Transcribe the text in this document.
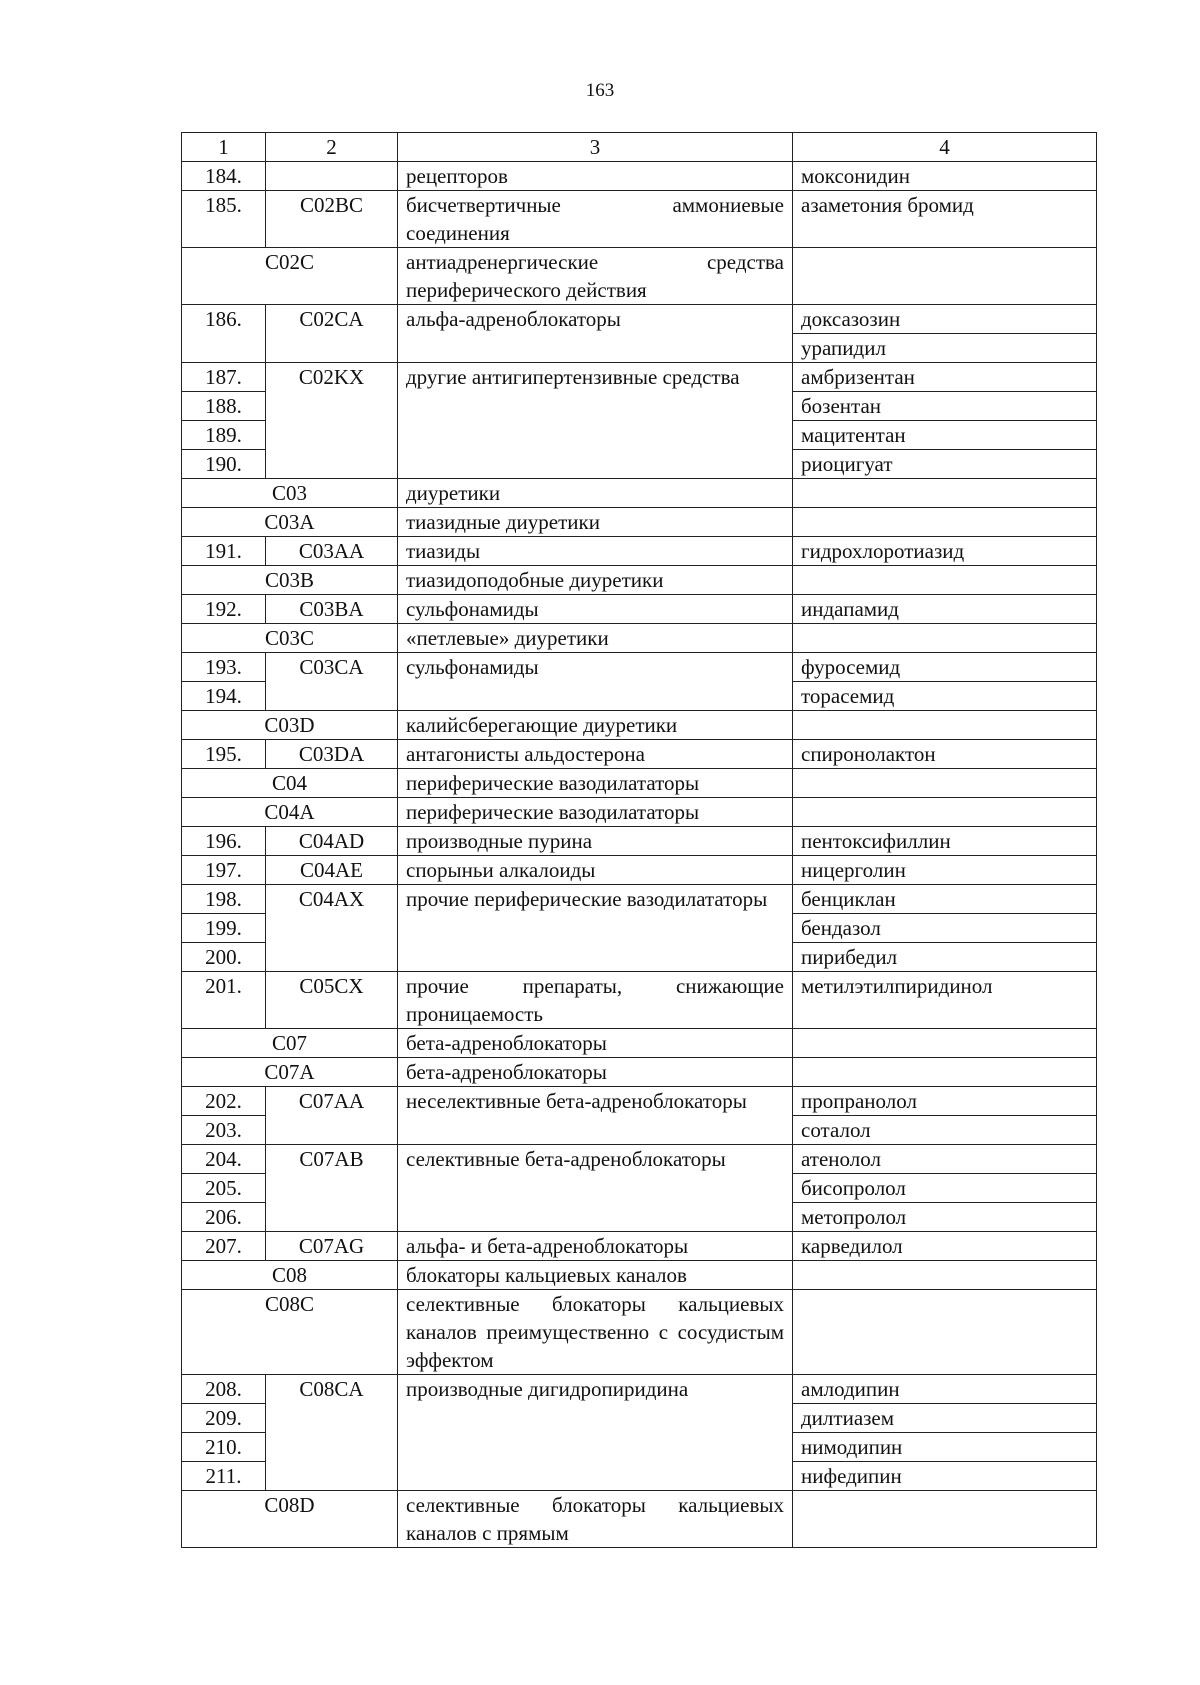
163
1	2	3	4
184.		рецепторов	моксонидин
185.	C02BC	бисчетвертичные аммониевые соединения	азаметония бромид
C02C		антиадренергические средства периферического действия	
186.	C02CA	альфа-адреноблокаторы	доксазозин
			урапидил
187.	C02KX	другие антигипертензивные средства	амбризентан
188.			бозентан
189.			мацитентан
190.			риоцигуат
C03		диуретики	
C03A		тиазидные диуретики	
191.	C03AA	тиазиды	гидрохлоротиазид
C03B		тиазидоподобные диуретики	
192.	C03BA	сульфонамиды	индапамид
C03C		«петлевые» диуретики	
193.	C03CA	сульфонамиды	фуросемид
194.			торасемид
C03D		калийсберегающие диуретики	
195.	C03DA	антагонисты альдостерона	спиронолактон
C04		периферические вазодилататоры	
C04A		периферические вазодилататоры	
196.	C04AD	производные пурина	пентоксифиллин
197.	C04AE	спорыньи алкалоиды	ницерголин
198.	C04AX	прочие периферические вазодилататоры	бенциклан
199.			бендазол
200.			пирибедил
201.	C05CX	прочие препараты, снижающие проницаемость	метилэтилпиридинол
C07		бета-адреноблокаторы	
C07A		бета-адреноблокаторы	
202.	C07AA	неселективные бета-адреноблокаторы	пропранолол
203.			соталол
204.	C07AB	селективные бета-адреноблокаторы	атенолол
205.			бисопролол
206.			метопролол
207.	C07AG	альфа- и бета-адреноблокаторы	карведилол
C08		блокаторы кальциевых каналов	
C08C		селективные блокаторы кальциевых каналов преимущественно с сосудистым эффектом	
208.	C08CA	производные дигидропиридина	амлодипин
209.			дилтиазем
210.			нимодипин
211.			нифедипин
C08D		селективные блокаторы кальциевых каналов с прямым	
